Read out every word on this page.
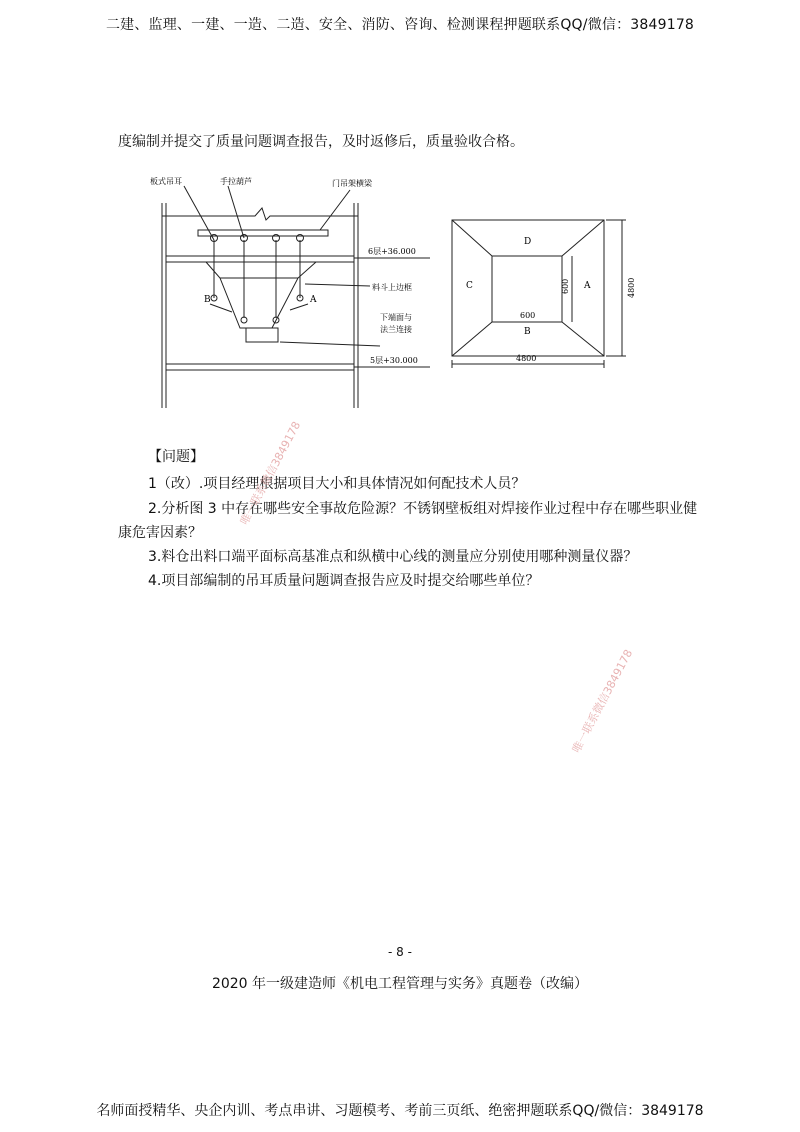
二建、监理、一建、一造、二造、安全、消防、咨询、检测课程押题联系QQ/微信：3849178
度编制并提交了质量问题调查报告，及时返修后，质量验收合格。
板式吊耳	手拉葫芦	门吊架横梁
6层+36.000
料斗上边框
下端面与
法兰连接
5层+30.000
B	A
D
C	A
B
600
600	4800
4800
【问题】
1（改）.项目经理根据项目大小和具体情况如何配技术人员？
2.分析图 3 中存在哪些安全事故危险源？不锈钢壁板组对焊接作业过程中存在哪些职业健
康危害因素？
3.料仓出料口端平面标高基准点和纵横中心线的测量应分别使用哪种测量仪器？
4.项目部编制的吊耳质量问题调查报告应及时提交给哪些单位？
唯一联系微信3849178
唯一联系微信3849178
- 8 -
2020 年一级建造师《机电工程管理与实务》真题卷（改编）
名师面授精华、央企内训、考点串讲、习题模考、考前三页纸、绝密押题联系QQ/微信：3849178
